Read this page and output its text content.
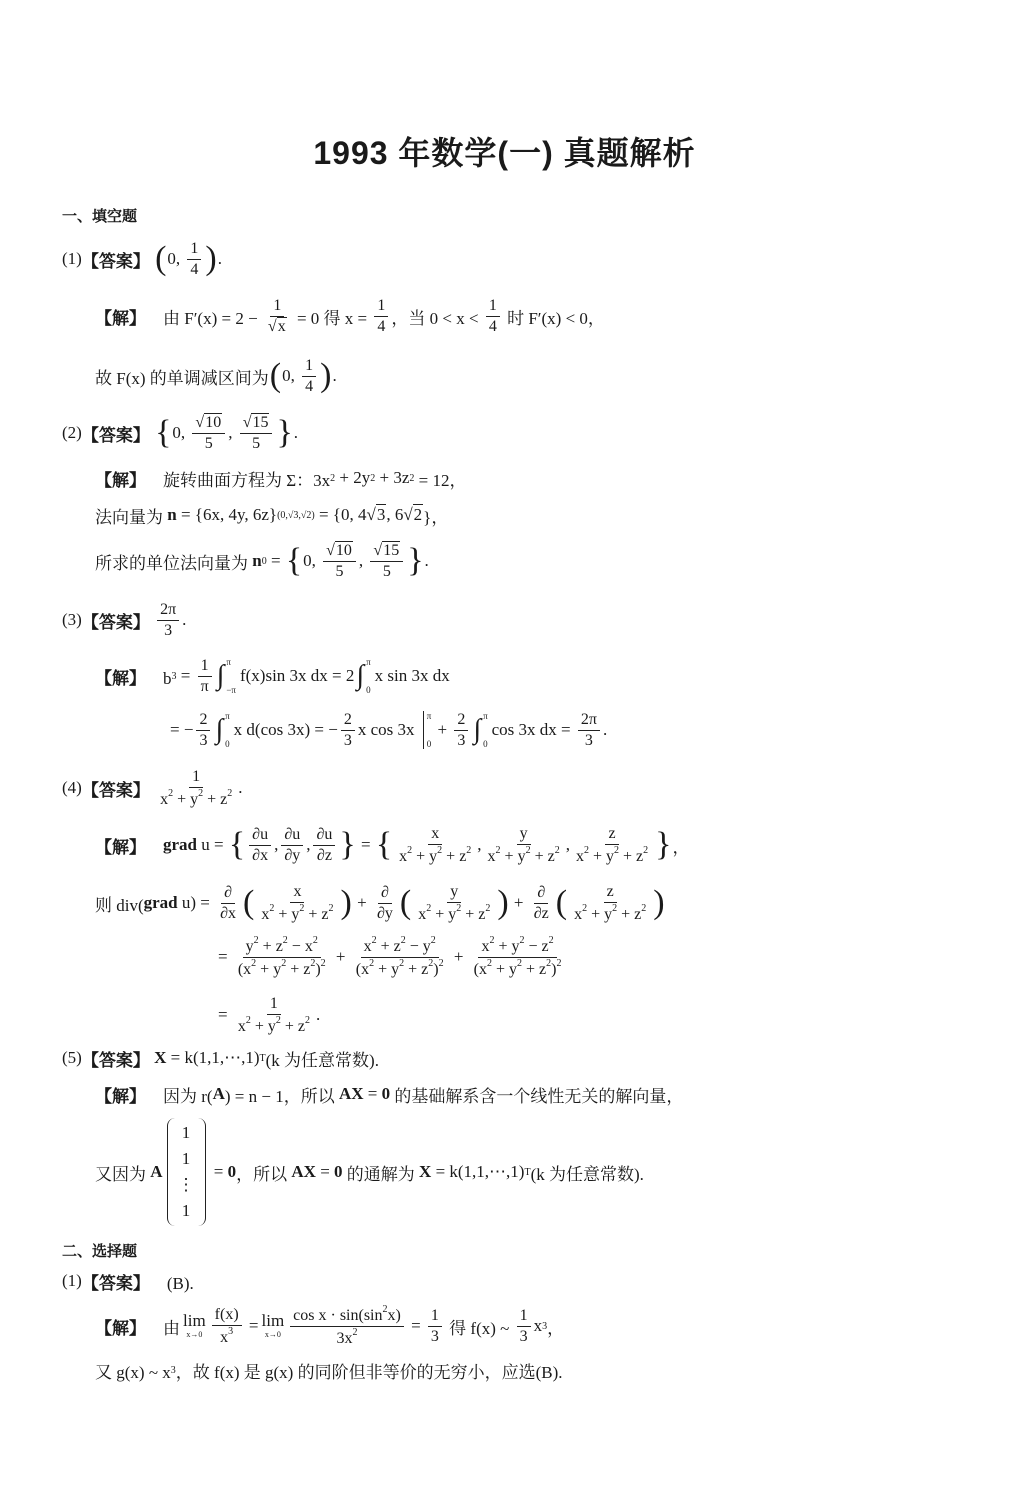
1993 年数学(一) 真题解析
一、填空题
(1) 【答案】
( 0, $\frac{1}{4}$ ) .
【解】 　由 $F'(x) = 2 - \frac{1}{√x} = 0$ 得 $x = \frac{1}{4}$ ，当 $0 < x < \frac{1}{4}$ 时 F′(x) < 0，
故 F(x) 的单调减区间为 ( 0, $\frac{1}{4}$ ) .
(2) 【答案】
{ 0, $\frac{√10}{5}$ , $\frac{√15}{5}$ } .
【解】 　旋转曲面方程为 Σ：3x 2 + 2y 2 + 3z 2 = 12，
法向量为 n = {6x, 4y, 6z} (0,√3,√2) = {0, 4 √3 , 6 √2 }，
所求的单位法向量为 n 0 = { 0, $\frac{√10}{5}$ , $\frac{√15}{5}$ } .
(3) 【答案】
$\frac{2\pi}{3}$ .
【解】 　b $3 = \frac{1}{\pi}$ ∫ π
−π
f(x)sin 3x d​x = 2 ∫ π
0
x sin 3x d​x
= − $\frac{2}{3}$ ∫ π
0
x d(cos 3x) = − $\frac{2}{3}$ x cos 3x
π
0
+ $\frac{2}{3}$ ∫ π
0
cos 3x d​x = $\frac{2\pi}{3}$ .
(4) 【答案】
$\frac{1}{x^2 + y^2 + z^2}$ .
【解】
　 grad u = { $\frac{\partial u}{\partial x}$ , $\frac{\partial u}{\partial y}$ , $\frac{\partial u}{\partial z}$ } = { $\frac{x}{x^2 + y^2 + z^2}$ , $\frac{y}{x^2 + y^2 + z^2}$ , $\frac{z}{x^2 + y^2 + z^2}$ } ，
则 div( grad $u) = \frac{\partial}{\partial x}$ ( $\frac{x}{x^2 + y^2 + z^2}$ ) + $\frac{\partial}{\partial y}$ ( $\frac{y}{x^2 + y^2 + z^2}$ ) + $\frac{\partial}{\partial z}$ ( $\frac{z}{x^2 + y^2 + z^2}$ )
= $\frac{y^2 + z^2 - x^2}{(x^2 + y^2 + z^2)^2} + \frac{x^2 + z^2 - y^2}{(x^2 + y^2 + z^2)^2} + \frac{x^2 + y^2 - z^2}{(x^2 + y^2 + z^2)^2}$
= $\frac{1}{x^2 + y^2 + z^2}$ .
(5) 【答案】
X = k(1,1,⋯,1) T (k 为任意常数).
【解】 　因为 r( A ) = n − 1，所以 AX = 0 的基础解系含一个线性无关的解向量，
又因为 A
1
1
⋮
1
= 0 ，所以 AX = 0 的通解为 X = k(1,1,⋯,1) T (k 为任意常数).
二、选择题
(1) 【答案】 　(B).
【解】 　由 lim
$x\to 0 \frac{f(x)}{x^3} = \lim$
$x\to 0 \frac{\cos x \cdot \sin(\sin^2x)}{3x^2} = \frac{1}{3}$ 得 f(x) ~ $\frac{1}{3}$ x 3 ，
又 g(x) ~ x 3 ，故 f(x) 是 g(x) 的同阶但非等价的无穷小，应选(B).
